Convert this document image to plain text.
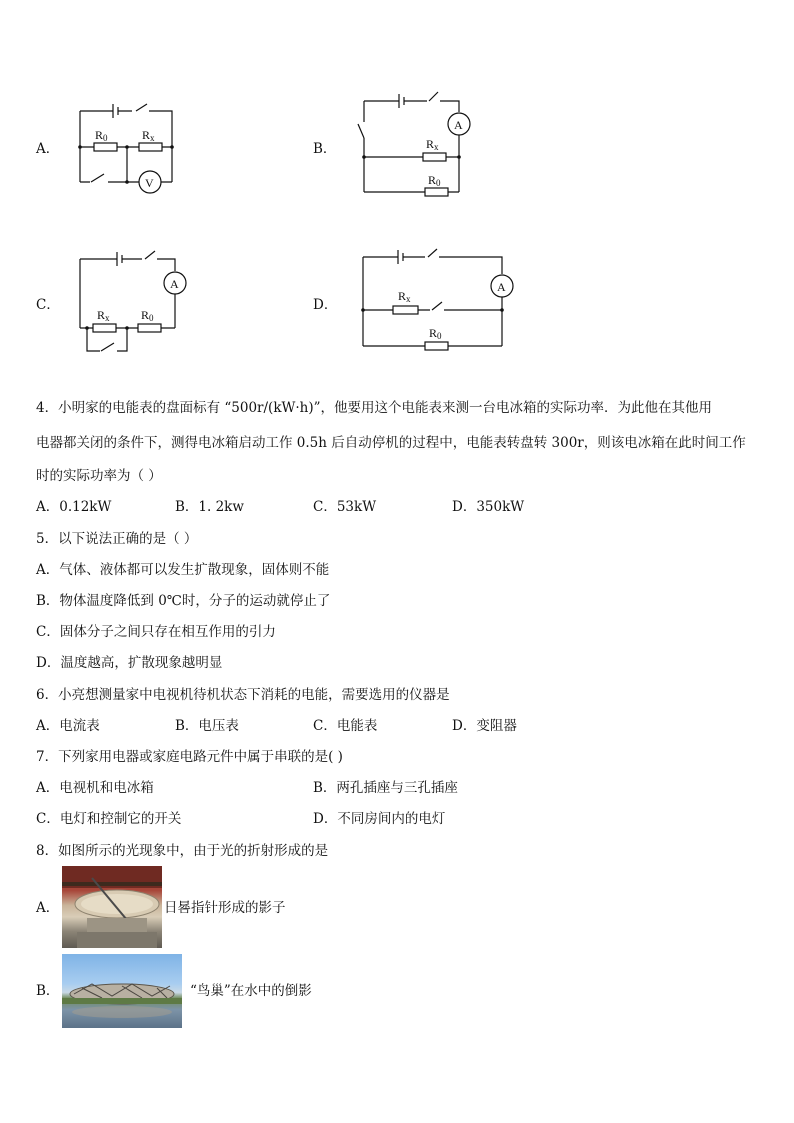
A．
V
R0	Rx
B．
A
Rx
R0
C．
A
Rx	R0
D．
A
Rx
R0
4．小明家的电能表的盘面标有 “500r/(kW·h)”，他要用这个电能表来测一台电冰箱的实际功率．为此他在其他用
电器都关闭的条件下，测得电冰箱启动工作 0.5h 后自动停机的过程中，电能表转盘转 300r，则该电冰箱在此时间工作
时的实际功率为（ ）
A．0.12kW	B．1. 2kw	C．53kW	D．350kW
5．以下说法正确的是（ ）
A．气体、液体都可以发生扩散现象，固体则不能
B．物体温度降低到 0℃时，分子的运动就停止了
C．固体分子之间只存在相互作用的引力
D．温度越高，扩散现象越明显
6．小亮想测量家中电视机待机状态下消耗的电能，需要选用的仪器是
A．电流表	B．电压表	C．电能表	D．变阻器
7．下列家用电器或家庭电路元件中属于串联的是( )
A．电视机和电冰箱	B．两孔插座与三孔插座
C．电灯和控制它的开关	D．不同房间内的电灯
8．如图所示的光现象中，由于光的折射形成的是
A．	日晷指针形成的影子
B．	“鸟巢”在水中的倒影
